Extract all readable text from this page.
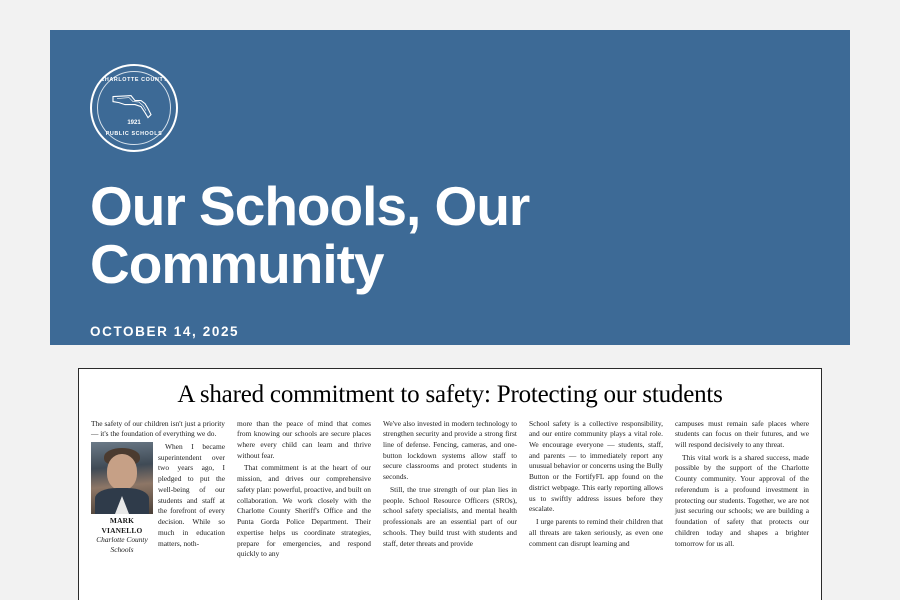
CHARLOTTE COUNTY
1921
PUBLIC SCHOOLS
Our Schools, Our Community
OCTOBER 14, 2025
A shared commitment to safety: Protecting our students

The safety of our children isn't just a priority — it's the foundation of everything we do.

MARK VIANELLO
Charlotte County Schools

When I became superintendent over two years ago, I pledged to put the well-being of our students and staff at the forefront of every decision. While so much in education matters, noth-

more than the peace of mind that comes from knowing our schools are secure places where every child can learn and thrive without fear.

That commitment is at the heart of our mission, and drives our comprehensive safety plan: powerful, proactive, and built on collaboration. We work closely with the Charlotte County Sheriff's Office and the Punta Gorda Police Department. Their expertise helps us coordinate strategies, prepare for emergencies, and respond quickly to any

We've also invested in modern technology to strengthen security and provide a strong first line of defense. Fencing, cameras, and one-button lockdown systems allow staff to secure classrooms and protect students in seconds.

Still, the true strength of our plan lies in people. School Resource Officers (SROs), school safety specialists, and mental health professionals are an essential part of our schools. They build trust with students and staff, deter threats and provide

School safety is a collective responsibility, and our entire community plays a vital role. We encourage everyone — students, staff, and parents — to immediately report any unusual behavior or concerns using the Bully Button or the FortifyFL app found on the district webpage. This early reporting allows us to swiftly address issues before they escalate.

I urge parents to remind their children that all threats are taken seriously, as even one comment can disrupt learning and

campuses must remain safe places where students can focus on their futures, and we will respond decisively to any threat.

This vital work is a shared success, made possible by the support of the Charlotte County community. Your approval of the referendum is a profound investment in protecting our students. Together, we are not just securing our schools; we are building a foundation of safety that protects our children today and shapes a brighter tomorrow for us all.
